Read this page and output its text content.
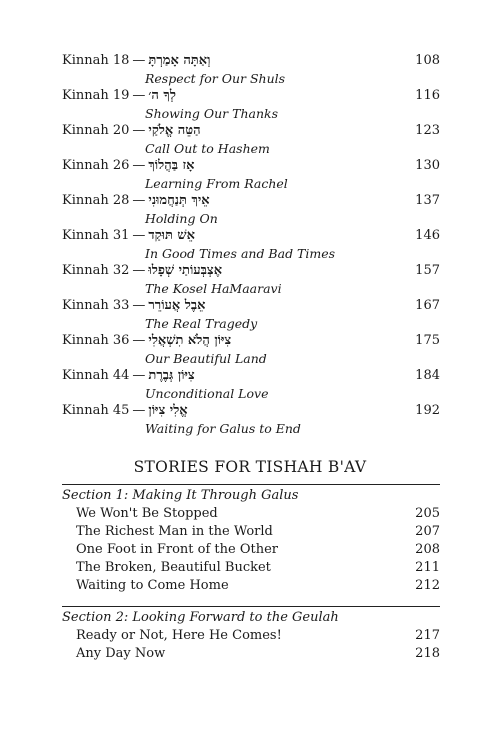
Kinnah 18 — וְאַתָּה אָמַרְתָּ	108
Respect for Our Shuls
Kinnah 19 — לְךָ ה׳	116
Showing Our Thanks
Kinnah 20 — הַטֵּה אֱלֹקַי	123
Call Out to Hashem
Kinnah 26 — אָז בַּהֲלוֹךְ	130
Learning From Rachel
Kinnah 28 — אֵיךְ תְּנַחֲמוּנִי	137
Holding On
Kinnah 31 — אֵשׁ תּוּקַד	146
In Good Times and Bad Times
Kinnah 32 — אֶצְבְּעוֹתַי שְׁפָלוּ	157
The Kosel HaMaaravi
Kinnah 33 — אֵבֶל אֲעוֹרֵר	167
The Real Tragedy
Kinnah 36 — צִיּוֹן הֲלֹא תִשְׁאֲלִי	175
Our Beautiful Land
Kinnah 44 — צִיּוֹן גְּבֶרֶת	184
Unconditional Love
Kinnah 45 — אֱלִי צִיּוֹן	192
Waiting for Galus to End
STORIES FOR TISHAH B'AV
Section 1: Making It Through Galus
We Won't Be Stopped	205
The Richest Man in the World	207
One Foot in Front of the Other	208
The Broken, Beautiful Bucket	211
Waiting to Come Home	212
Section 2: Looking Forward to the Geulah
Ready or Not, Here He Comes!	217
Any Day Now	218
